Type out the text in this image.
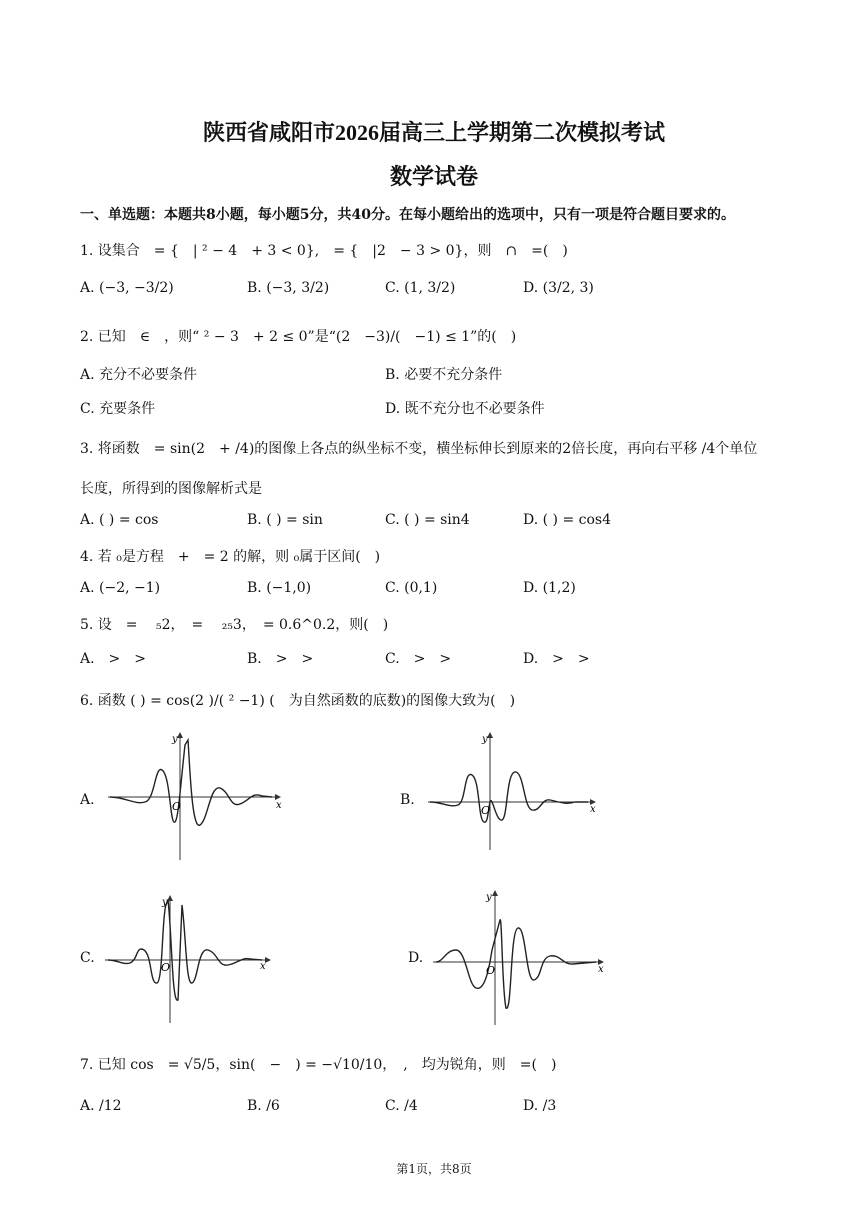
陕西省咸阳市2026届高三上学期第二次模拟考试
数学试卷
一、单选题：本题共8小题，每小题5分，共40分。在每小题给出的选项中，只有一项是符合题目要求的。
1. 设集合　= {　| ² − 4　+ 3 < 0},　= {　|2　− 3 > 0}，则　∩　=(　)
A. (−3, −3/2)	B. (−3, 3/2)	C. (1, 3/2)	D. (3/2, 3)
2. 已知　∈　，则“ ² − 3　+ 2 ≤ 0”是“(2　−3)/(　−1) ≤ 1”的(　)
A. 充分不必要条件	B. 必要不充分条件
C. 充要条件	D. 既不充分也不必要条件
3. 将函数　= sin(2　+ /4)的图像上各点的纵坐标不变，横坐标伸长到原来的2倍长度，再向右平移 /4个单位
长度，所得到的图像解析式是
A. ( ) = cos	B. ( ) = sin	C. ( ) = sin4	D. ( ) = cos4
4. 若 ₀是方程　+　= 2 的解，则 ₀属于区间(　)
A. (−2, −1)	B. (−1,0)	C. (0,1)	D. (1,2)
5. 设　=　 ₅2，　=　 ₂₅3，　= 0.6^0.2，则(　)
A.　>　>	B.　>　>	C.　>　>	D.　>　>
6. 函数 ( ) = cos(2 )/( ² −1) (　为自然函数的底数)的图像大致为(　)
A.	O	x
y
B.
O	x
y
C.
O	x
y
D.
O	x
y
7. 已知 cos　= √5/5，sin(　−　) = −√10/10，　,　均为锐角，则　=(　)
A. /12	B. /6	C. /4	D. /3
第1页，共8页
